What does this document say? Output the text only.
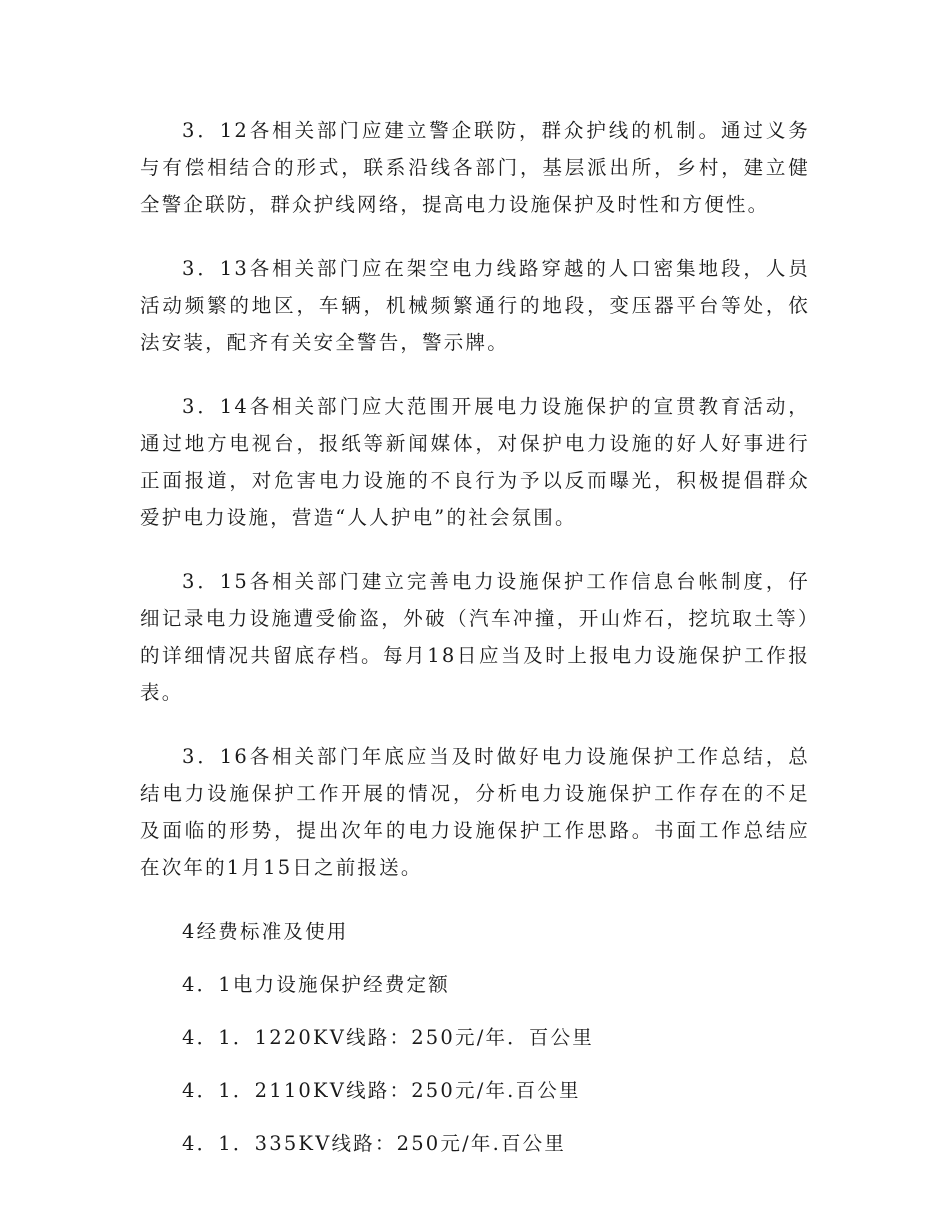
3．12各相关部门应建立警企联防，群众护线的机制。通过义务与有偿相结合的形式，联系沿线各部门，基层派出所，乡村，建立健全警企联防，群众护线网络，提高电力设施保护及时性和方便性。

3．13各相关部门应在架空电力线路穿越的人口密集地段，人员活动频繁的地区，车辆，机械频繁通行的地段，变压器平台等处，依法安装，配齐有关安全警告，警示牌。

3．14各相关部门应大范围开展电力设施保护的宣贯教育活动，通过地方电视台，报纸等新闻媒体，对保护电力设施的好人好事进行正面报道，对危害电力设施的不良行为予以反而曝光，积极提倡群众爱护电力设施，营造“人人护电”的社会氛围。

3．15各相关部门建立完善电力设施保护工作信息台帐制度，仔细记录电力设施遭受偷盗，外破（汽车冲撞，开山炸石，挖坑取土等）的详细情况共留底存档。每月18日应当及时上报电力设施保护工作报表。

3．16各相关部门年底应当及时做好电力设施保护工作总结，总结电力设施保护工作开展的情况，分析电力设施保护工作存在的不足及面临的形势，提出次年的电力设施保护工作思路。书面工作总结应在次年的1月15日之前报送。

4经费标准及使用

4．1电力设施保护经费定额

4．1．1220KV线路：250元/年．百公里

4．1．2110KV线路：250元/年.百公里

4．1．335KV线路：250元/年.百公里
